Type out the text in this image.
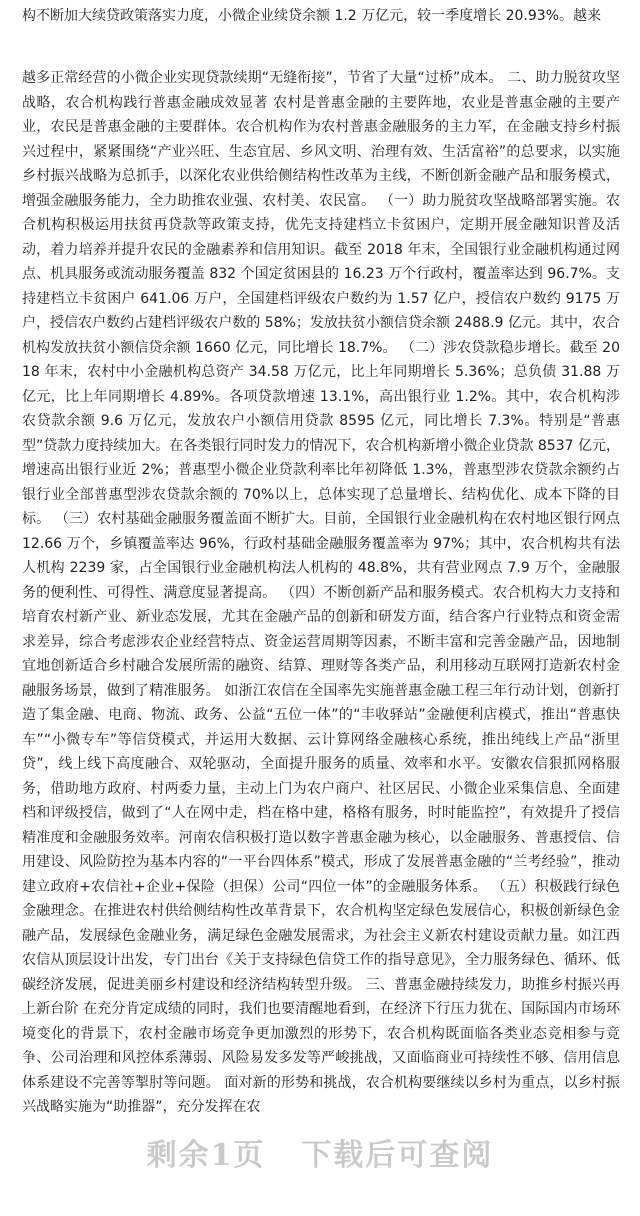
构不断加大续贷政策落实力度，小微企业续贷余额 1.2 万亿元，较一季度增长 20.93%。越来

越多正常经营的小微企业实现贷款续期“无缝衔接”，节省了大量“过桥”成本。 二、助力脱贫攻坚战略，农合机构践行普惠金融成效显著 农村是普惠金融的主要阵地，农业是普惠金融的主要产业，农民是普惠金融的主要群体。农合机构作为农村普惠金融服务的主力军，在金融支持乡村振兴过程中，紧紧围绕“产业兴旺、生态宜居、乡风文明、治理有效、生活富裕”的总要求，以实施乡村振兴战略为总抓手，以深化农业供给侧结构性改革为主线，不断创新金融产品和服务模式，增强金融服务能力，全力助推农业强、农村美、农民富。 （一）助力脱贫攻坚战略部署实施。农合机构积极运用扶贫再贷款等政策支持，优先支持建档立卡贫困户，定期开展金融知识普及活动，着力培养并提升农民的金融素养和信用知识。截至 2018 年末，全国银行业金融机构通过网点、机具服务或流动服务覆盖 832 个国定贫困县的 16.23 万个行政村，覆盖率达到 96.7%。支持建档立卡贫困户 641.06 万户，全国建档评级农户数约为 1.57 亿户，授信农户数约 9175 万户，授信农户数约占建档评级农户数的 58%；发放扶贫小额信贷余额 2488.9 亿元。其中，农合机构发放扶贫小额信贷余额 1660 亿元，同比增长 18.7%。 （二）涉农贷款稳步增长。截至 2018 年末，农村中小金融机构总资产 34.58 万亿元，比上年同期增长 5.36%；总负债 31.88 万亿元，比上年同期增长 4.89%。各项贷款增速 13.1%，高出银行业 1.2%。其中，农合机构涉农贷款余额 9.6 万亿元，发放农户小额信用贷款 8595 亿元，同比增长 7.3%。特别是“普惠型”贷款力度持续加大。在各类银行同时发力的情况下，农合机构新增小微企业贷款 8537 亿元，增速高出银行业近 2%；普惠型小微企业贷款利率比年初降低 1.3%，普惠型涉农贷款余额约占银行业全部普惠型涉农贷款余额的 70%以上，总体实现了总量增长、结构优化、成本下降的目标。 （三）农村基础金融服务覆盖面不断扩大。目前，全国银行业金融机构在农村地区银行网点 12.66 万个，乡镇覆盖率达 96%，行政村基础金融服务覆盖率为 97%；其中，农合机构共有法人机构 2239 家，占全国银行业金融机构法人机构的 48.8%，共有营业网点 7.9 万个，金融服务的便利性、可得性、满意度显著提高。 （四）不断创新产品和服务模式。农合机构大力支持和培育农村新产业、新业态发展，尤其在金融产品的创新和研发方面，结合客户行业特点和资金需求差异，综合考虑涉农企业经营特点、资金运营周期等因素，不断丰富和完善金融产品，因地制宜地创新适合乡村融合发展所需的融资、结算、理财等各类产品，利用移动互联网打造新农村金融服务场景，做到了精准服务。 如浙江农信在全国率先实施普惠金融工程三年行动计划，创新打造了集金融、电商、物流、政务、公益“五位一体”的“丰收驿站”金融便利店模式，推出“普惠快车”“小微专车”等信贷模式，并运用大数据、云计算网络金融核心系统，推出纯线上产品“浙里贷”，线上线下高度融合、双轮驱动，全面提升服务的质量、效率和水平。安徽农信狠抓网格服务，借助地方政府、村两委力量，主动上门为农户商户、社区居民、小微企业采集信息、全面建档和评级授信，做到了“人在网中走，档在格中建，格格有服务，时时能监控”，有效提升了授信精准度和金融服务效率。河南农信积极打造以数字普惠金融为核心，以金融服务、普惠授信、信用建设、风险防控为基本内容的“一平台四体系”模式，形成了发展普惠金融的“兰考经验”，推动建立政府+农信社+企业+保险（担保）公司“四位一体”的金融服务体系。 （五）积极践行绿色金融理念。在推进农村供给侧结构性改革背景下，农合机构坚定绿色发展信心，积极创新绿色金融产品，发展绿色金融业务，满足绿色金融发展需求，为社会主义新农村建设贡献力量。如江西农信从顶层设计出发，专门出台《关于支持绿色信贷工作的指导意见》，全力服务绿色、循环、低碳经济发展，促进美丽乡村建设和经济结构转型升级。 三、普惠金融持续发力，助推乡村振兴再上新台阶 在充分肯定成绩的同时，我们也要清醒地看到，在经济下行压力犹在、国际国内市场环境变化的背景下，农村金融市场竞争更加激烈的形势下，农合机构既面临各类业态竞相参与竞争、公司治理和风控体系薄弱、风险易发多发等严峻挑战，又面临商业可持续性不够、信用信息体系建设不完善等掣肘等问题。 面对新的形势和挑战，农合机构要继续以乡村为重点，以乡村振兴战略实施为“助推器”，充分发挥在农

剩余1页 下载后可查阅
